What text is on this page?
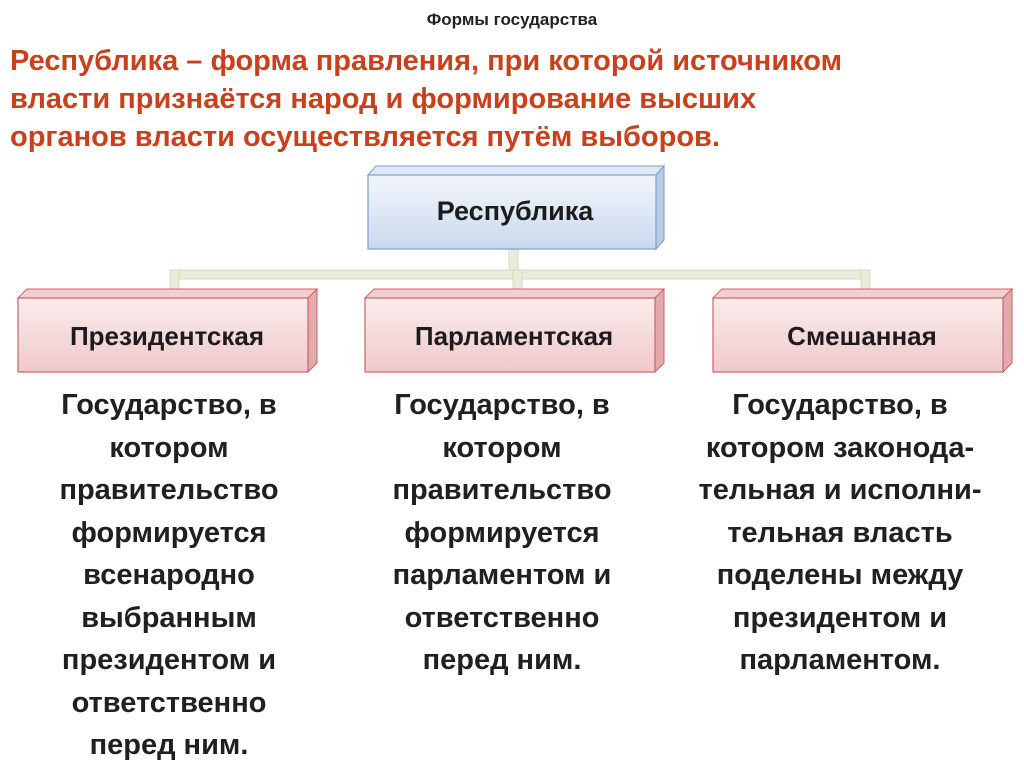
Формы государства
Республика – форма правления, при которой источником
власти признаётся народ и формирование высших
органов власти осуществляется путём выборов.
Республика
Президентская	Парламентская	Смешанная
Государство, в
котором
правительство
формируется
всенародно
выбранным
президентом и
ответственно
перед ним.
Государство, в
котором
правительство
формируется
парламентом и
ответственно
перед ним.
Государство, в
котором законода-
тельная и исполни-
тельная власть
поделены между
президентом и
парламентом.
